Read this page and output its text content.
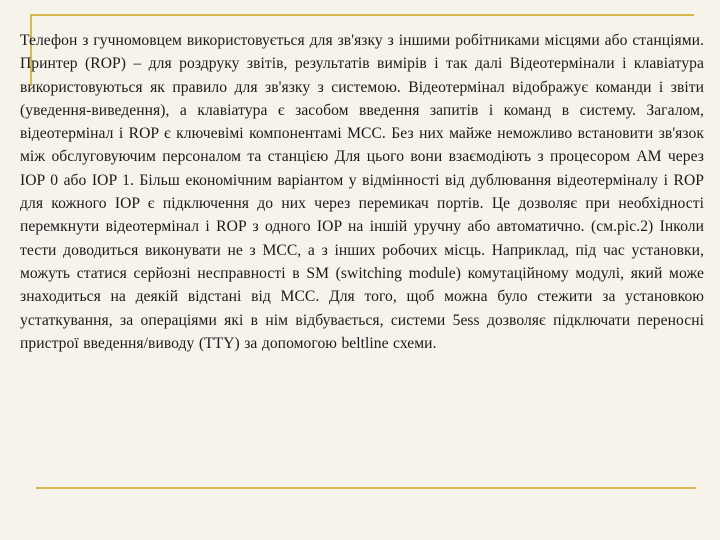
Телефон з гучномовцем використовується для зв'язку з іншими робітниками місцями або станціями. Принтер (ROP) – для роздруку звітів, результатів вимірів і так далі Відеотермінали і клавіатура використовуються як правило для зв'язку з системою. Відеотермінал відображує команди і звіти (уведення-виведення), а клавіатура є засобом введення запитів і команд в систему. Загалом, відеотермінал і ROP є ключевімі компонентамі МСС. Без них майже неможливо встановити зв'язок між обслуговуючим персоналом та станцією Для цього вони взаємодіють з процесором AM через IOP 0 або IOP 1. Більш економічним варіантом у відмінності від дублювання відеотерміналу і ROP для кожного IOP є підключення до них через перемикач портів. Це дозволяє при необхідності перемкнути відеотермінал і ROP з одного IOP на іншій уручну або автоматично. (см.pic.2) Інколи тести доводиться виконувати не з МСС, а з інших робочих місць. Наприклад, під час установки, можуть статися серйозні несправності в SM (switching module) комутаційному модулі, який може знаходиться на деякій відстані від МСС. Для того, щоб можна було стежити за установкою устаткування, за операціями які в нім відбувається, системи 5ess дозволяє підключати переносні пристрої введення/виводу (TTY) за допомогою beltline схеми.
